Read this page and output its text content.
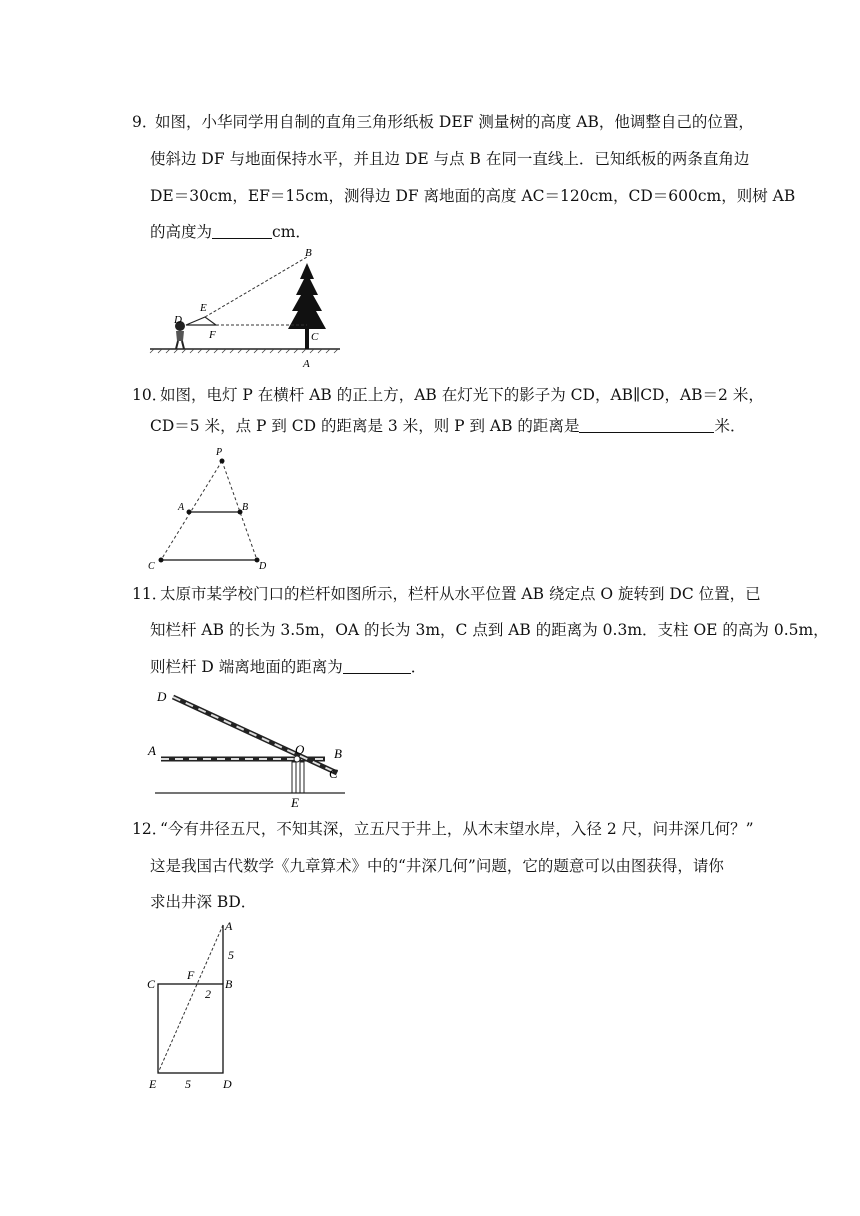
9．
如图，小华同学用自制的直角三角形纸板 DEF 测量树的高度 AB，他调整自己的位置，
使斜边 DF 与地面保持水平，并且边 DE 与点 B 在同一直线上．已知纸板的两条直角边
DE＝30cm，EF＝15cm，测得边 DF 离地面的高度 AC＝120cm，CD＝600cm，则树 AB
的高度为	cm．
B
E
D
F	C
A
10．
如图，电灯 P 在横杆 AB 的正上方，AB 在灯光下的影子为 CD，AB∥CD，AB＝2 米，
CD＝5 米，点 P 到 CD 的距离是 3 米，则 P 到 AB 的距离是	米．
P
A	B
C	D
11．
太原市某学校门口的栏杆如图所示，栏杆从水平位置 AB 绕定点 O 旋转到 DC 位置，已
知栏杆 AB 的长为 3.5m，OA 的长为 3m，C 点到 AB 的距离为 0.3m．支柱 OE 的高为 0.5m，
则栏杆 D 端离地面的距离为	．
D
A	O B
C
E
12．
“今有井径五尺，不知其深，立五尺于井上，从木末望水岸，入径 2 尺，问井深几何？”
这是我国古代数学《九章算术》中的“井深几何”问题，它的题意可以由图获得，请你
求出井深 BD．
A
5
C
F
B
2
E 5	D
